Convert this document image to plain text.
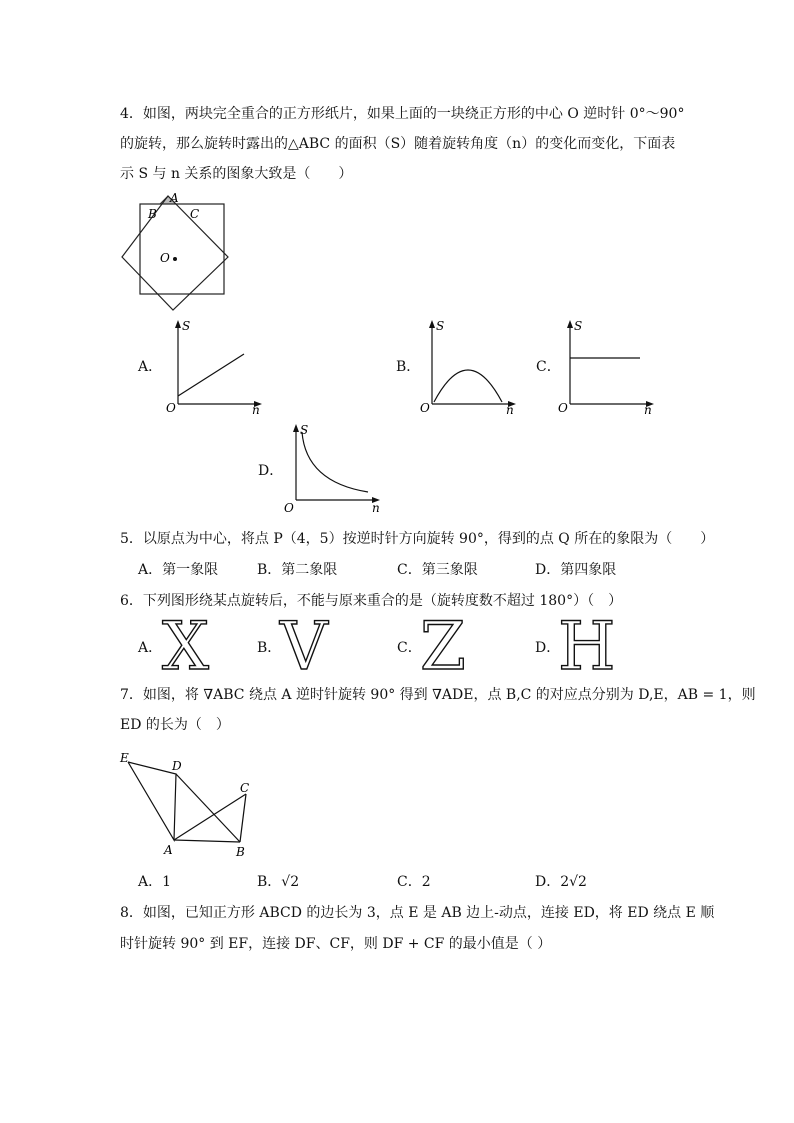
4．如图，两块完全重合的正方形纸片，如果上面的一块绕正方形的中心 O 逆时针 0°～90°
的旋转，那么旋转时露出的△ABC 的面积（S）随着旋转角度（n）的变化而变化，下面表
示 S 与 n 关系的图象大致是（　　）
A
B	C
O
A．
S
n
O
B．
S
n
O
C．
S
n
O
D．
S
n
O
5．以原点为中心，将点 P（4，5）按逆时针方向旋转 90°，得到的点 Q 所在的象限为（　　）
A．第一象限	B．第二象限	C．第三象限	D．第四象限
6．下列图形绕某点旋转后，不能与原来重合的是（旋转度数不超过 180°）（　）
A． X	B．
V	C．
Z	D．
H
7．如图，将 ∇ABC 绕点 A 逆时针旋转 90° 得到 ∇ADE，点 B,C 的对应点分别为 D,E，AB = 1，则
ED 的长为（　）
E
D
C
A	B
A．1	B．√2	C．2	D．2√2
8．如图，已知正方形 ABCD 的边长为 3，点 E 是 AB 边上-动点，连接 ED，将 ED 绕点 E 顺
时针旋转 90° 到 EF，连接 DF、CF，则 DF + CF 的最小值是（ ）
